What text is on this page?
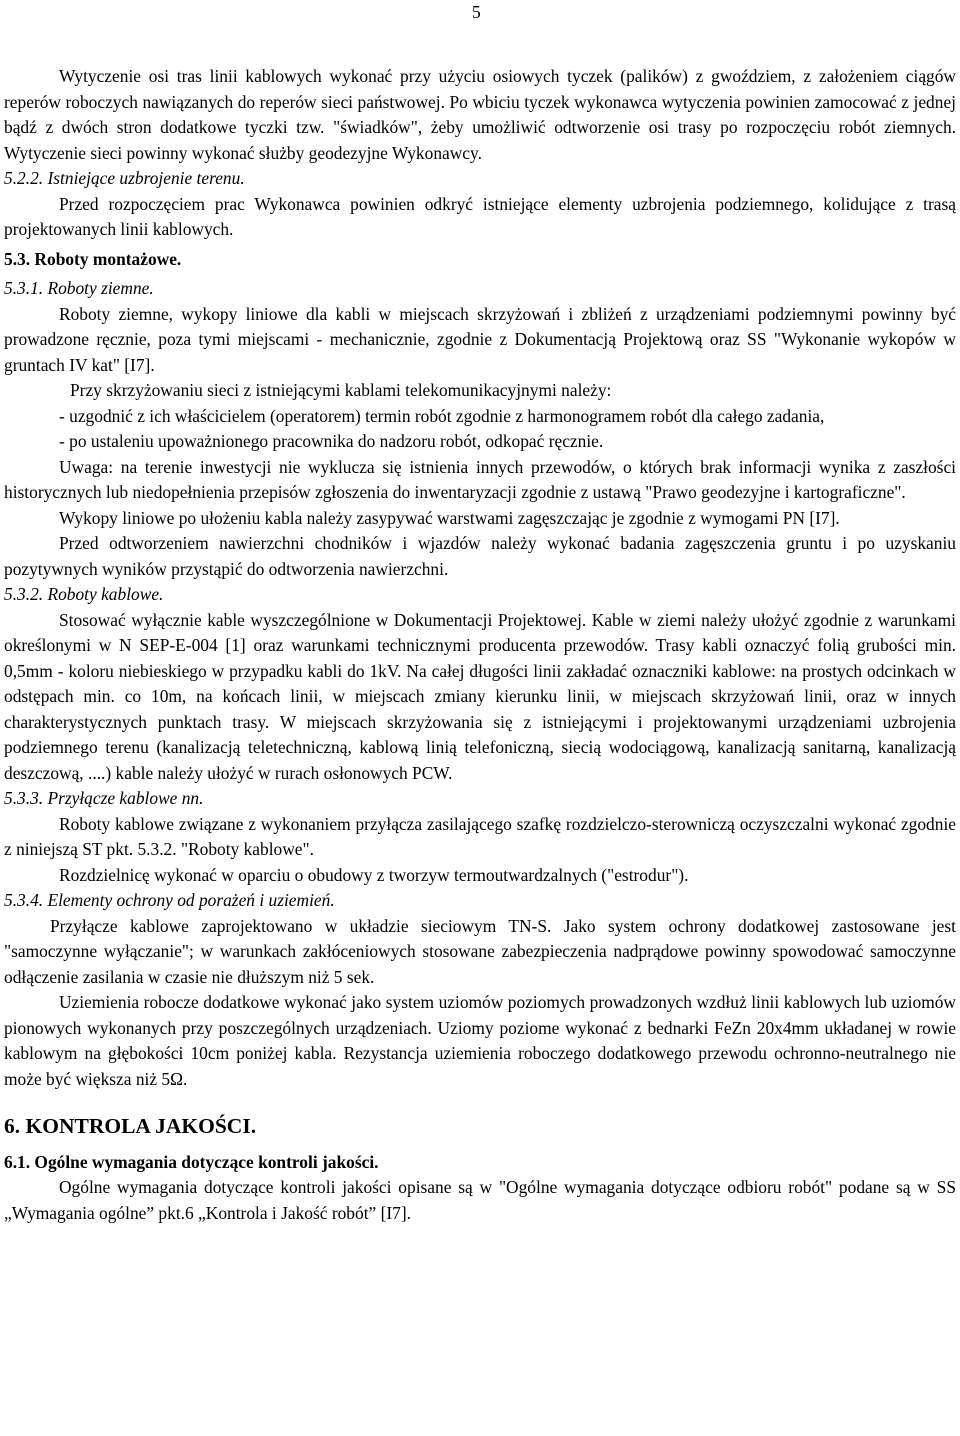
5

Wytyczenie osi tras linii kablowych wykonać przy użyciu osiowych tyczek (palików) z gwoździem, z założeniem ciągów reperów roboczych nawiązanych do reperów sieci państwowej. Po wbiciu tyczek wykonawca wytyczenia powinien zamocować z jednej bądź z dwóch stron dodatkowe tyczki tzw. "świadków", żeby umożliwić odtworzenie osi trasy po rozpoczęciu robót ziemnych. Wytyczenie sieci powinny wykonać służby geodezyjne Wykonawcy.

5.2.2. Istniejące uzbrojenie terenu.

Przed rozpoczęciem prac Wykonawca powinien odkryć istniejące elementy uzbrojenia podziemnego, kolidujące z trasą projektowanych linii kablowych.

5.3. Roboty montażowe.

5.3.1. Roboty ziemne.

Roboty ziemne, wykopy liniowe dla kabli w miejscach skrzyżowań i zbliżeń z urządzeniami podziemnymi powinny być prowadzone ręcznie, poza tymi miejscami - mechanicznie, zgodnie z Dokumentacją Projektową oraz SS "Wykonanie wykopów w gruntach IV kat" [I7].

Przy skrzyżowaniu sieci z istniejącymi kablami telekomunikacyjnymi należy:

- uzgodnić z ich właścicielem (operatorem) termin robót zgodnie z harmonogramem robót dla całego zadania,

- po ustaleniu upoważnionego pracownika do nadzoru robót, odkopać ręcznie.

Uwaga: na terenie inwestycji nie wyklucza się istnienia innych przewodów, o których brak informacji wynika z zaszłości historycznych lub niedopełnienia przepisów zgłoszenia do inwentaryzacji zgodnie z ustawą "Prawo geodezyjne i kartograficzne".

Wykopy liniowe po ułożeniu kabla należy zasypywać warstwami zagęszczając je zgodnie z wymogami PN [I7].

Przed odtworzeniem nawierzchni chodników i wjazdów należy wykonać badania zagęszczenia gruntu i po uzyskaniu pozytywnych wyników przystąpić do odtworzenia nawierzchni.

5.3.2. Roboty kablowe.

Stosować wyłącznie kable wyszczególnione w Dokumentacji Projektowej. Kable w ziemi należy ułożyć zgodnie z warunkami określonymi w N SEP-E-004 [1] oraz warunkami technicznymi producenta przewodów. Trasy kabli oznaczyć folią grubości min. 0,5mm - koloru niebieskiego w przypadku kabli do 1kV. Na całej długości linii zakładać oznaczniki kablowe: na prostych odcinkach w odstępach min. co 10m, na końcach linii, w miejscach zmiany kierunku linii, w miejscach skrzyżowań linii, oraz w innych charakterystycznych punktach trasy. W miejscach skrzyżowania się z istniejącymi i projektowanymi urządzeniami uzbrojenia podziemnego terenu (kanalizacją teletechniczną, kablową linią telefoniczną, siecią wodociągową, kanalizacją sanitarną, kanalizacją deszczową, ....) kable należy ułożyć w rurach osłonowych PCW.

5.3.3. Przyłącze kablowe nn.

Roboty kablowe związane z wykonaniem przyłącza zasilającego szafkę rozdzielczo-sterowniczą oczyszczalni wykonać zgodnie z niniejszą ST pkt. 5.3.2. "Roboty kablowe".

Rozdzielnicę wykonać w oparciu o obudowy z tworzyw termoutwardzalnych ("estrodur").

5.3.4. Elementy ochrony od porażeń i uziemień.

Przyłącze kablowe zaprojektowano w układzie sieciowym TN-S. Jako system ochrony dodatkowej zastosowane jest "samoczynne wyłączanie"; w warunkach zakłóceniowych stosowane zabezpieczenia nadprądowe powinny spowodować samoczynne odłączenie zasilania w czasie nie dłuższym niż 5 sek.

Uziemienia robocze dodatkowe wykonać jako system uziomów poziomych prowadzonych wzdłuż linii kablowych lub uziomów pionowych wykonanych przy poszczególnych urządzeniach. Uziomy poziome wykonać z bednarki FeZn 20x4mm układanej w rowie kablowym na głębokości 10cm poniżej kabla. Rezystancja uziemienia roboczego dodatkowego przewodu ochronno-neutralnego nie może być większa niż 5Ω.

6. KONTROLA JAKOŚCI.

6.1. Ogólne wymagania dotyczące kontroli jakości.

Ogólne wymagania dotyczące kontroli jakości opisane są w "Ogólne wymagania dotyczące odbioru robót" podane są w SS „Wymagania ogólne” pkt.6 „Kontrola i Jakość robót” [I7].
